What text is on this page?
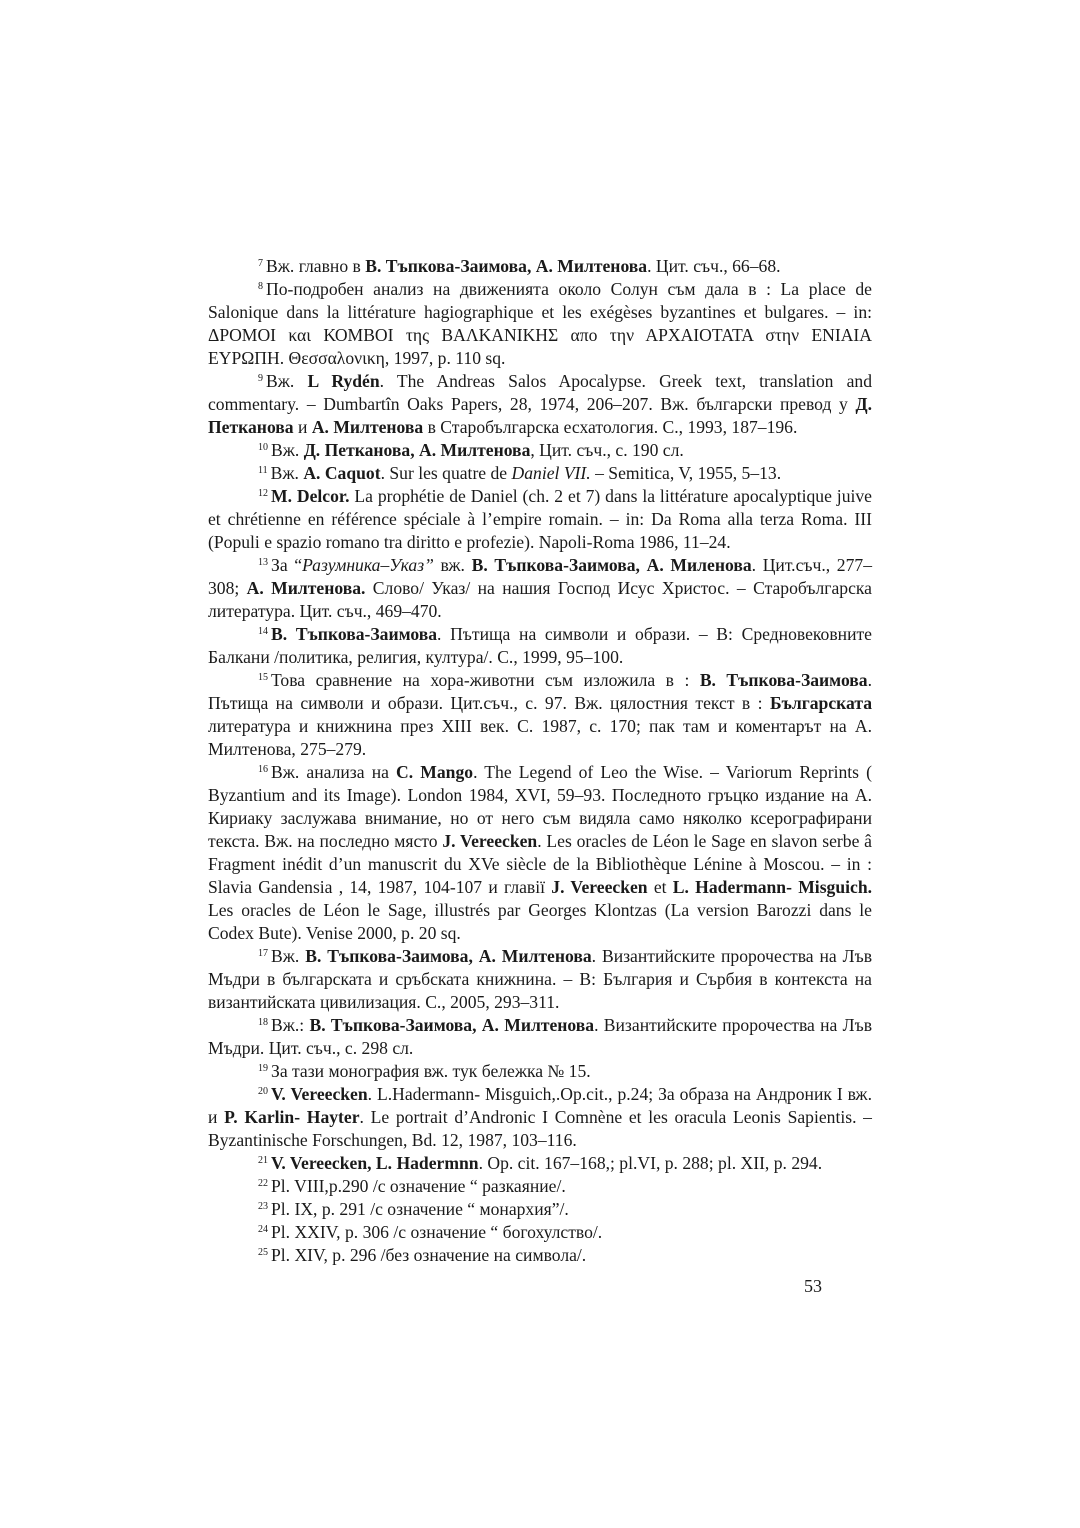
$^7$ Вж. главно в В. Тъпкова-Заимова, А. Милтенова. Цит. съч., 66–68.

$^8$ По-подробен анализ на движенията около Солун съм дала в : La place de Salonique dans la littérature hagiographique et les exégèses byzantines et bulgares. – in: ΔΡΟΜΟΙ και ΚΟΜΒΟΙ της ΒΑΛΚΑΝΙΚΗΣ απο την ΑΡΧΑΙΟΤΑΤΑ στην ΕΝΙΑΙΑ ΕΥΡΩΠΗ. Θεσσαλονικη, 1997, p. 110 sq.

$^9$ Вж. L Rydén. The Andreas Salos Apocalypse. Greek text, translation and commentary. – Dumbartîn Oaks Papers, 28, 1974, 206–207. Вж. български превод у Д. Петканова и А. Милтенова в Старобългарска есхатология. С., 1993, 187–196.

$^{10}$ Вж. Д. Петканова, А. Милтенова, Цит. съч., с. 190 сл.

$^{11}$ Вж. A. Caquot. Sur les quatre de Daniel VII. – Semitica, V, 1955, 5–13.

$^{12}$ M. Delcor. La prophétie de Daniel (ch. 2 et 7) dans la littérature apocalyptique juive et chrétienne en référence spéciale à l’empire romain. – in: Da Roma alla terza Roma. III (Populi e spazio romano tra diritto e profezie). Napoli-Roma 1986, 11–24.

$^{13}$ За “Разумника–Указ” вж. В. Тъпкова-Заимова, А. Миленова. Цит.съч., 277–308; А. Милтенова. Слово/ Указ/ на нашия Господ Исус Христос. – Старобългарска литература. Цит. съч., 469–470.

$^{14}$ В. Тъпкова-Заимова. Пътища на символи и образи. – В: Средновековните Балкани /политика, религия, култура/. С., 1999, 95–100.

$^{15}$ Това сравнение на хора-животни съм изложила в : В. Тъпкова-Заимова. Пътища на символи и образи. Цит.съч., с. 97. Вж. цялостния текст в : Българската литература и книжнина през XIII век. С. 1987, с. 170; пак там и коментарът на А. Милтенова, 275–279.

$^{16}$ Вж. анализа на C. Mango. The Legend of Leo the Wise. – Variorum Reprints ( Byzantium and its Image). London 1984, XVI, 59–93. Последното гръцко издание на А. Кириаку заслужава внимание, но от него съм видяла само няколко ксерографирани текста. Вж. на последно място J. Vereecken. Les oracles de Léon le Sage en slavon serbe â Fragment inédit d’un manuscrit du XVe siècle de la Bibliothèque Lénine à Moscou. – in : Slavia Gandensia , 14, 1987, 104-107 и главії J. Vereecken et L. Hadermann- Misguich. Les oracles de Léon le Sage, illustrés par Georges Klontzas (La version Barozzi dans le Codex Bute). Venise 2000, p. 20 sq.

$^{17}$ Вж. В. Тъпкова-Заимова, А. Милтенова. Византийските пророчества на Лъв Мъдри в българската и сръбската книжнина. – В: България и Сърбия в контекста на византийската цивилизация. С., 2005, 293–311.

$^{18}$ Вж.: В. Тъпкова-Заимова, А. Милтенова. Византийските пророчества на Лъв Мъдри. Цит. съч., с. 298 сл.

$^{19}$ За тази монография вж. тук бележка № 15.

$^{20}$ V. Vereecken. L.Hadermann- Misguich,.Op.cit., p.24; За образа на Андроник I вж. и P. Karlin- Hayter. Le portrait d’Andronic I Comnène et les oracula Leonis Sapientis. – Byzantinische Forschungen, Bd. 12, 1987, 103–116.

$^{21}$ V. Vereecken, L. Hadermnn. Op. cit. 167–168,; pl.VI, p. 288; pl. XII, p. 294.

$^{22}$ Pl. VIII,p.290 /с означение “ разкаяние/.

$^{23}$ Pl. IX, p. 291 /с означение “ монархия”/.

$^{24}$ Pl. XXIV, p. 306 /с означение “ богохулство/.

$^{25}$ Pl. XIV, p. 296 /без означение на символа/.

53
